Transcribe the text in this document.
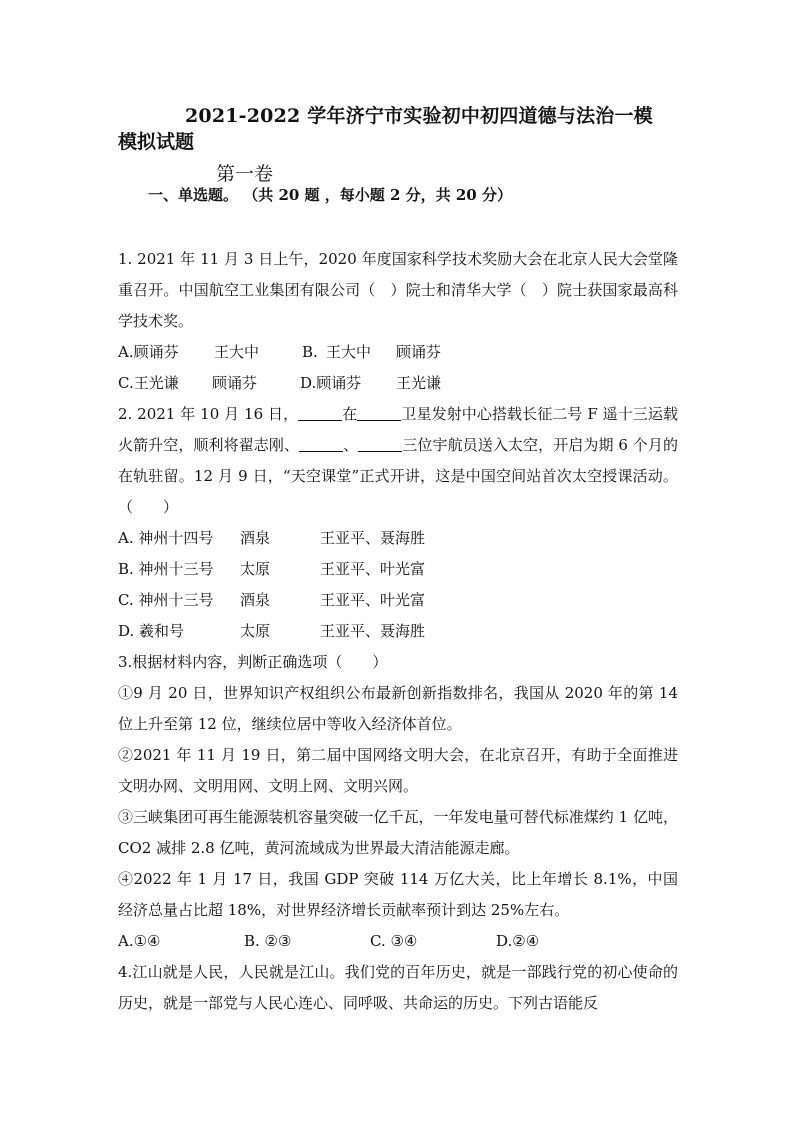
2021-2022 学年济宁市实验初中初四道德与法治一模
模拟试题
第一卷
一、单选题。 （共 20 题 ，每小题 2 分，共 20 分）

1. 2021 年 11 月 3 日上午，2020 年度国家科学技术奖励大会在北京人民大会堂隆重召开。中国航空工业集团有限公司（　）院士和清华大学（　）院士获国家最高科学技术奖。

A.顾诵芬	王大中	B. 王大中	顾诵芬
C.王光谦	顾诵芬	D.顾诵芬	王光谦

2. 2021 年 10 月 16 日，	在	卫星发射中心搭载长征二号 F 遥十三运载火箭升空，顺利将翟志刚、	、	三位宇航员送入太空，开启为期 6 个月的在轨驻留。12 月 9 日，“天空课堂”正式开讲，这是中国空间站首次太空授课活动。（　　）

A. 神州十四号	酒泉	王亚平、聂海胜
B. 神州十三号	太原	王亚平、叶光富
C. 神州十三号	酒泉	王亚平、叶光富
D. 羲和号	太原	王亚平、聂海胜

3.根据材料内容，判断正确选项（　　）

①9 月 20 日，世界知识产权组织公布最新创新指数排名，我国从 2020 年的第 14 位上升至第 12 位，继续位居中等收入经济体首位。

②2021 年 11 月 19 日，第二届中国网络文明大会，在北京召开，有助于全面推进文明办网、文明用网、文明上网、文明兴网。

③三峡集团可再生能源装机容量突破一亿千瓦，一年发电量可替代标准煤约 1 亿吨，CO2 减排 2.8 亿吨，黄河流域成为世界最大清洁能源走廊。

④2022 年 1 月 17 日，我国 GDP 突破 114 万亿大关，比上年增长 8.1%，中国经济总量占比超 18%，对世界经济增长贡献率预计到达 25%左右。

A.①④	B. ②③	C. ③④	D.②④

4.江山就是人民，人民就是江山。我们党的百年历史，就是一部践行党的初心使命的历史，就是一部党与人民心连心、同呼吸、共命运的历史。下列古语能反
